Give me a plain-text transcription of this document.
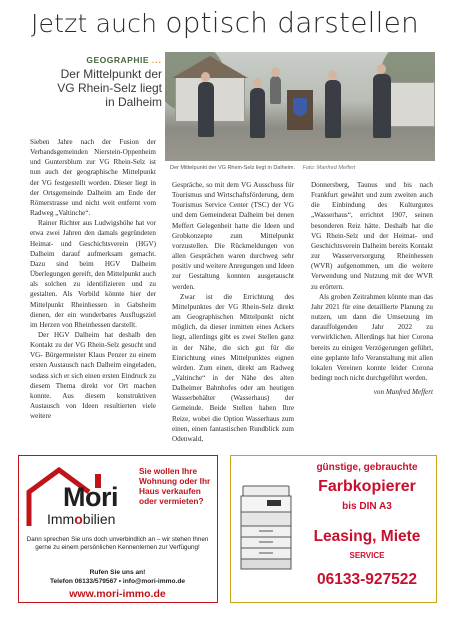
Jetzt auch optisch darstellen
GEOGRAPHIE ...
Der Mittelpunkt der
VG Rhein-Selz liegt
in Dalheim
Der Mittelpunkt der VG Rhein-Selz liegt in Dalheim. Foto: Manfred Meffert

Sieben Jahre nach der Fusion der Verbandsgemeinden Nierstein-Oppenheim und Guntersblum zur VG Rhein-Selz ist nun auch der geographische Mittelpunkt der VG festgestellt worden. Dieser liegt in der Ortsgemeinde Dalheim am Ende der Römerstrasse und nicht weit entfernt vom Radweg „Valtinche“.

Rainer Richter aus Ludwigshöhe hat vor etwa zwei Jahren den damals gegründeten Heimat- und Geschichtsverein (HGV) Dalheim darauf aufmerksam gemacht. Dazu sind beim HGV Dalheim Überlegungen gereift, den Mittelpunkt auch als solchen zu identifizieren und zu gestalten. Als Vorbild könnte hier der Mittelpunkt Rheinhessen in Gabsheim dienen, der ein wunderbares Ausflugsziel im Herzen von Rheinhessen darstellt.

Der HGV Dalheim hat deshalb den Kontakt zu der VG Rhein-Selz gesucht und VG- Bürgermeister Klaus Penzer zu einem ersten Austausch nach Dalheim eingeladen, sodass sich er sich einen ersten Eindruck zu diesem Thema direkt vor Ort machen konnte. Aus diesem konstruktiven Austausch von Ideen resultierten viele weitere

Gespräche, so mit dem VG Ausschuss für Tourismus und Wirtschaftsförderung, dem Tourismus Service Center (TSC) der VG und dem Gemeinderat Dalheim bei denen Meffert Gelegenheit hatte die Ideen und Grobkonzepte zum Mittelpunkt vorzustellen. Die Rückmeldungen von allen Gesprächen waren durchweg sehr positiv und weitere Anregungen und Ideen zur Gestaltung konnten ausgetauscht werden.

Zwar ist die Errichtung des Mittelpunktes der VG Rhein-Selz direkt am Geographischen Mittelpunkt nicht möglich, da dieser inmitten eines Ackers liegt, allerdings gibt es zwei Stellen ganz in der Nähe, die sich gut für die Einrichtung eines Mittelpunktes eignen würden. Zum einen, direkt am Radweg „Valtinche“ in der Nähe des alten Dalheimer Bahnhofes oder am heutigen Wasserbehälter (Wasserhaus) der Gemeinde. Beide Stellen haben Ihre Reize, wobei die Option Wasserhaus zum einen, einen fantastischen Rundblick zum Odenwald,

Donnersberg, Taunus und bis nach Frankfurt gewährt und zum zweiten auch die Einbindung des Kulturgutes „Wasserhaus“, errichtet 1907, seinen besonderen Reiz hätte. Deshalb hat die VG Rhein-Selz und der Heimat- und Geschichtsverein Dalheim bereits Kontakt zur Wasserversorgung Rheinhessen (WVR) aufgenommen, um die weitere Verwendung und Nutzung mit der WVR zu erörtern.

Als groben Zeitrahmen könnte man das Jahr 2021 für eine detaillierte Planung zu nutzen, um dann die Umsetzung im darauffolgenden Jahr 2022 zu verwirklichen. Allerdings hat hier Corona bereits zu einigen Verzögerungen geführt, eine geplante Info Veranstaltung mit allen lokalen Vereinen konnte leider Corona bedingt noch nicht durchgeführt werden.

von Manfred Meffert

Mori
Immobilien
Sie wollen Ihre Wohnung oder Ihr Haus verkaufen oder vermieten?
Dann sprechen Sie uns doch unverbindlich an – wir stehen Ihnen gerne zu einem persönlichen Kennenlernen zur Verfügung!
Rufen Sie uns an!
Telefon 06133/579567 • info@mori-immo.de
www.mori-immo.de
günstige, gebrauchte
Farbkopierer
bis DIN A3
Leasing, Miete
SERVICE
06133-927522
